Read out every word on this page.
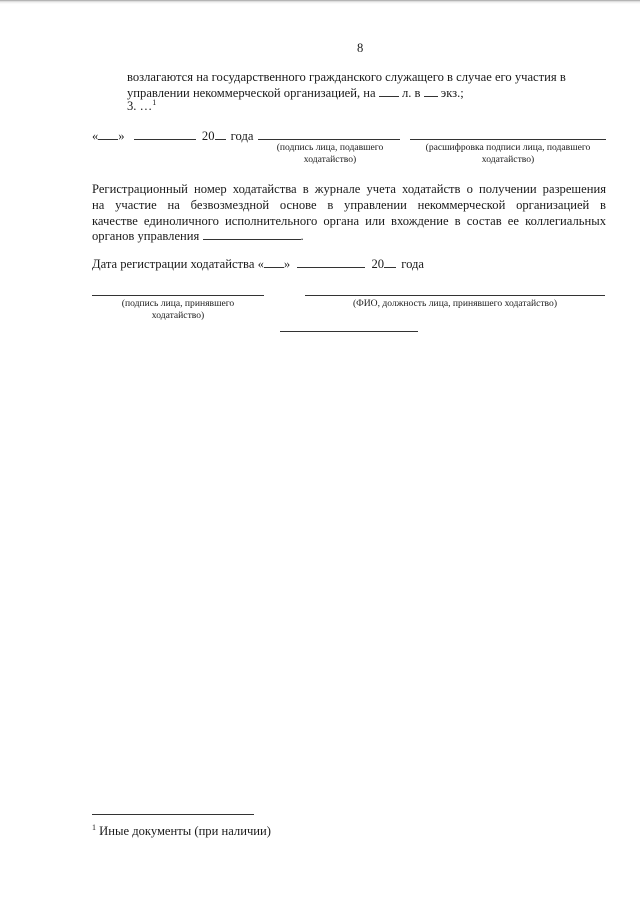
8
возлагаются на государственного гражданского служащего в случае его участия в
управлении некоммерческой организацией, на л. в экз.;
3. …$^1$
« »	20 года
(подпись лица, подавшего ходатайство)
(расшифровка подписи лица, подавшего ходатайство)
Регистрационный номер ходатайства в журнале учета ходатайств о получении разрешения
на участие на безвозмездной основе в управлении некоммерческой организацией в
качестве единоличного исполнительного органа или вхождение в состав ее коллегиальных
органов управления	.
Дата регистрации ходатайства « »	20 года
(подпись лица, принявшего ходатайство)
(ФИО, должность лица, принявшего ходатайство)
$^1$ Иные документы (при наличии)
